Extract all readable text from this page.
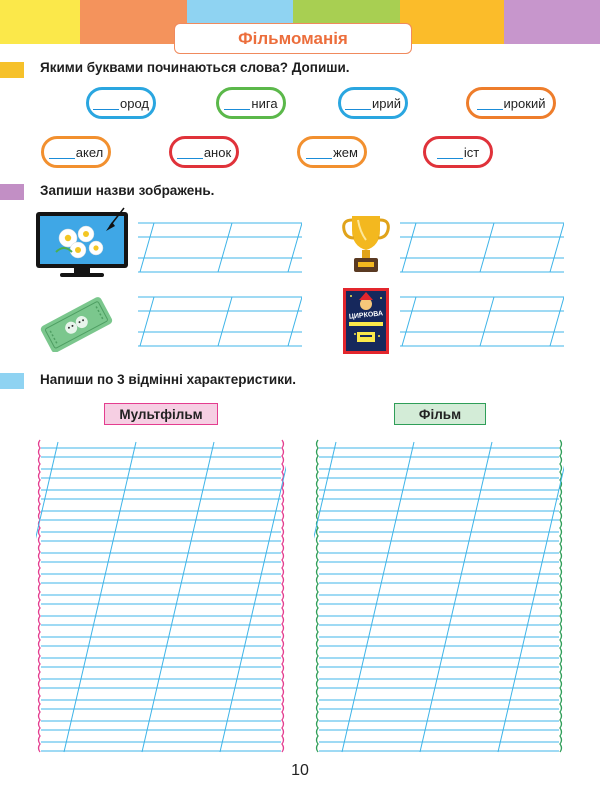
Фільмоманія
Якими буквами починаються слова? Допиши.
ород	нига	ирий	ирокий
акел	анок	жем	іст
Запиши назви зображень.
ЦИРКОВА
Напиши по 3 відмінні характеристики.
Мультфільм	Фільм
10
